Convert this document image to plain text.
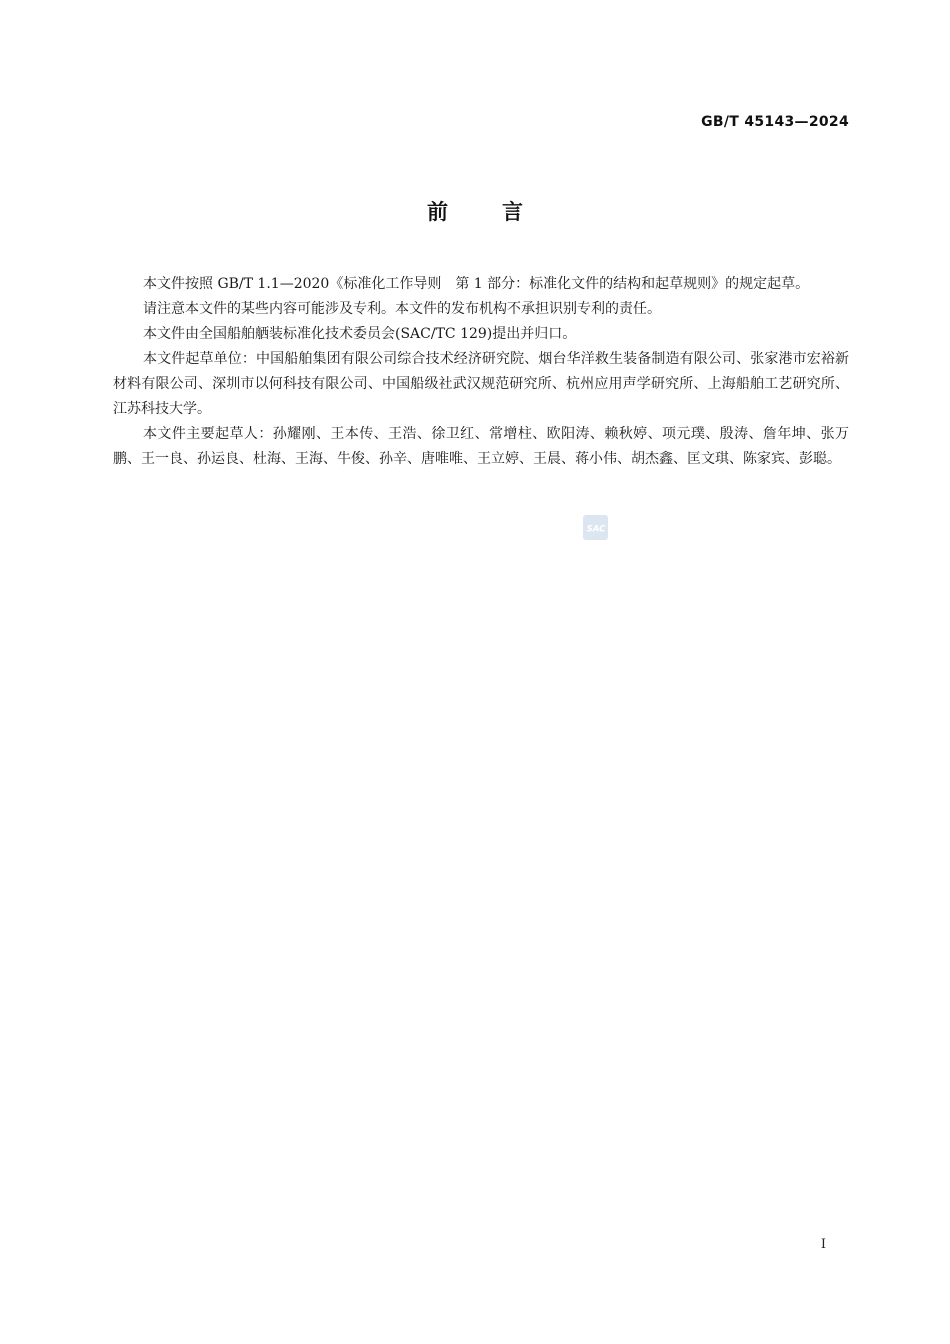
GB/T 45143—2024
前言

本文件按照 GB/T 1.1—2020《标准化工作导则　第 1 部分：标准化文件的结构和起草规则》的规定起草。

请注意本文件的某些内容可能涉及专利。本文件的发布机构不承担识别专利的责任。

本文件由全国船舶舾装标准化技术委员会(SAC/TC 129)提出并归口。

本文件起草单位：中国船舶集团有限公司综合技术经济研究院、烟台华洋救生装备制造有限公司、张家港市宏裕新材料有限公司、深圳市以何科技有限公司、中国船级社武汉规范研究所、杭州应用声学研究所、上海船舶工艺研究所、江苏科技大学。

本文件主要起草人：孙耀刚、王本传、王浩、徐卫红、常增柱、欧阳涛、赖秋婷、项元璞、殷涛、詹年坤、张万鹏、王一良、孙运良、杜海、王海、牛俊、孙辛、唐唯唯、王立婷、王晨、蒋小伟、胡杰鑫、匡文琪、陈家宾、彭聪。

SAC
I
